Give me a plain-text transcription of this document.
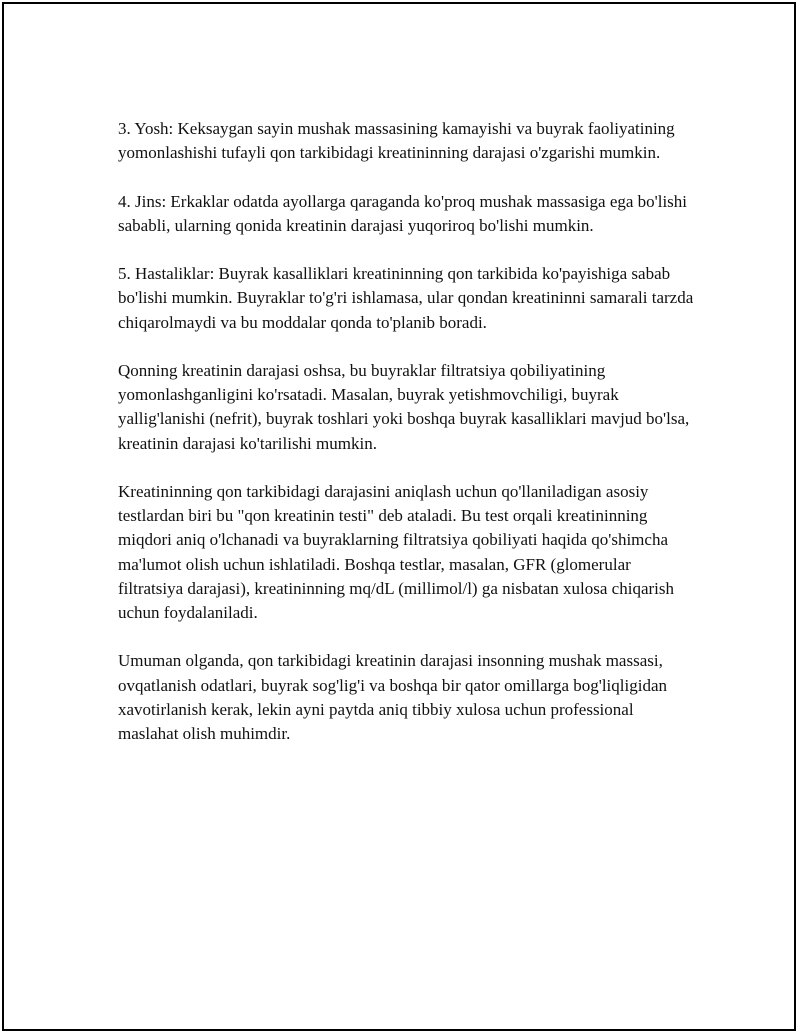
3. Yosh: Keksaygan sayin mushak massasining kamayishi va buyrak faoliyatining yomonlashishi tufayli qon tarkibidagi kreatininning darajasi o'zgarishi mumkin.

4. Jins: Erkaklar odatda ayollarga qaraganda ko'proq mushak massasiga ega bo'lishi sababli, ularning qonida kreatinin darajasi yuqoriroq bo'lishi mumkin.

5. Hastaliklar: Buyrak kasalliklari kreatininning qon tarkibida ko'payishiga sabab bo'lishi mumkin. Buyraklar to'g'ri ishlamasa, ular qondan kreatininni samarali tarzda chiqarolmaydi va bu moddalar qonda to'planib boradi.

Qonning kreatinin darajasi oshsa, bu buyraklar filtratsiya qobiliyatining yomonlashganligini ko'rsatadi. Masalan, buyrak yetishmovchiligi, buyrak yallig'lanishi (nefrit), buyrak toshlari yoki boshqa buyrak kasalliklari mavjud bo'lsa, kreatinin darajasi ko'tarilishi mumkin.

Kreatininning qon tarkibidagi darajasini aniqlash uchun qo'llaniladigan asosiy testlardan biri bu "qon kreatinin testi" deb ataladi. Bu test orqali kreatininning miqdori aniq o'lchanadi va buyraklarning filtratsiya qobiliyati haqida qo'shimcha ma'lumot olish uchun ishlatiladi. Boshqa testlar, masalan, GFR (glomerular filtratsiya darajasi), kreatininning mq/dL (millimol/l) ga nisbatan xulosa chiqarish uchun foydalaniladi.

Umuman olganda, qon tarkibidagi kreatinin darajasi insonning mushak massasi, ovqatlanish odatlari, buyrak sog'lig'i va boshqa bir qator omillarga bog'liqligidan xavotirlanish kerak, lekin ayni paytda aniq tibbiy xulosa uchun professional maslahat olish muhimdir.
